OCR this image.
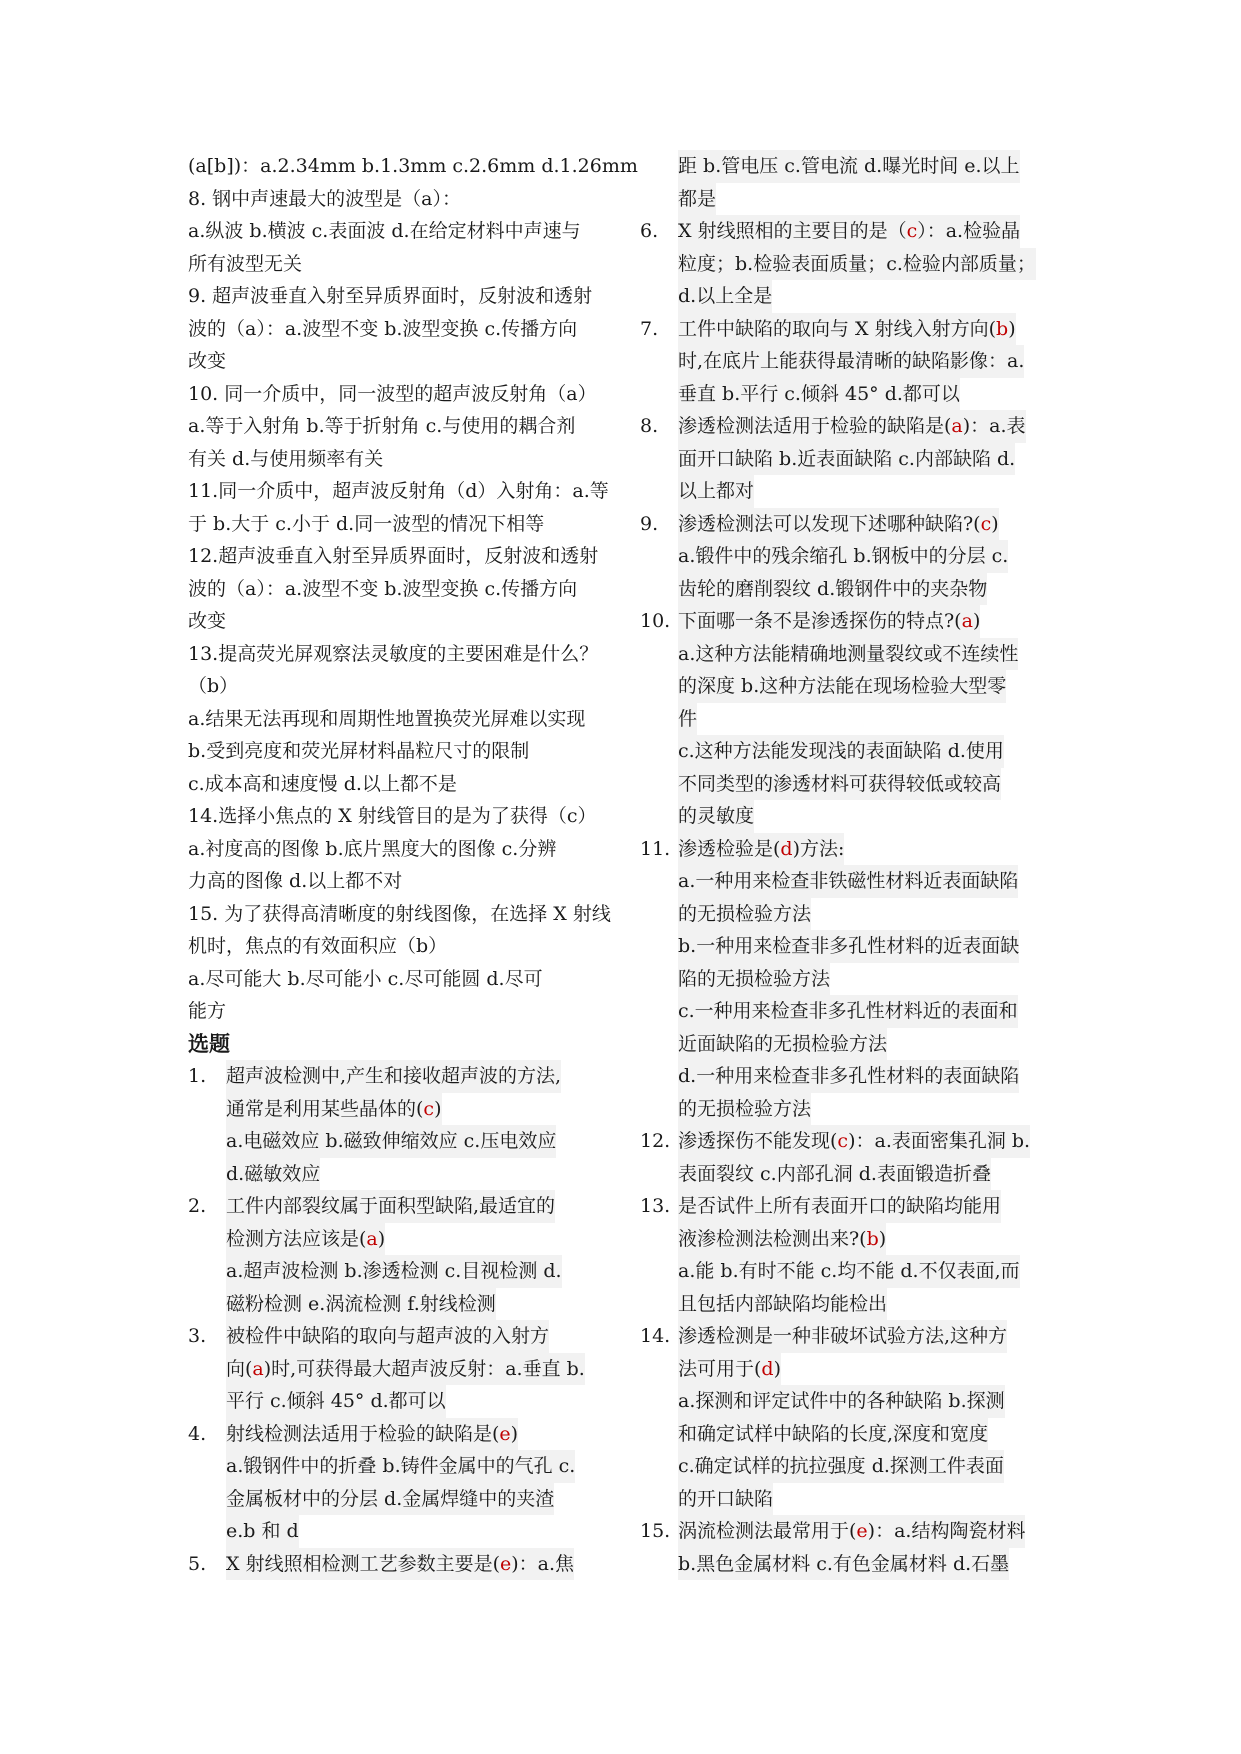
(a[b])：a.2.34mm b.1.3mm c.2.6mm d.1.26mm
8. 钢中声速最大的波型是（a）：
a.纵波 b.横波 c.表面波 d.在给定材料中声速与
所有波型无关
9. 超声波垂直入射至异质界面时，反射波和透射
波的（a）：a.波型不变 b.波型变换 c.传播方向
改变
10. 同一介质中，同一波型的超声波反射角（a）
a.等于入射角 b.等于折射角 c.与使用的耦合剂
有关 d.与使用频率有关
11.同一介质中，超声波反射角（d）入射角：a.等
于 b.大于 c.小于 d.同一波型的情况下相等
12.超声波垂直入射至异质界面时，反射波和透射
波的（a）：a.波型不变 b.波型变换 c.传播方向
改变
13.提高荧光屏观察法灵敏度的主要困难是什么？
（b）
a.结果无法再现和周期性地置换荧光屏难以实现
b.受到亮度和荧光屏材料晶粒尺寸的限制
c.成本高和速度慢 d.以上都不是
14.选择小焦点的 X 射线管目的是为了获得（c）
a.衬度高的图像 b.底片黑度大的图像 c.分辨
力高的图像 d.以上都不对
15. 为了获得高清晰度的射线图像，在选择 X 射线
机时，焦点的有效面积应（b）
a.尽可能大 b.尽可能小 c.尽可能圆 d.尽可
能方
选题
1.	超声波检测中,产生和接收超声波的方法,
通常是利用某些晶体的(c)
a.电磁效应 b.磁致伸缩效应 c.压电效应
d.磁敏效应
2.	工件内部裂纹属于面积型缺陷,最适宜的
检测方法应该是(a)
a.超声波检测 b.渗透检测 c.目视检测 d.
磁粉检测 e.涡流检测 f.射线检测
3.	被检件中缺陷的取向与超声波的入射方
向(a)时,可获得最大超声波反射：a.垂直 b.
平行 c.倾斜 45° d.都可以
4.	射线检测法适用于检验的缺陷是(e)
a.锻钢件中的折叠 b.铸件金属中的气孔 c.
金属板材中的分层 d.金属焊缝中的夹渣
e.b 和 d
5.	X 射线照相检测工艺参数主要是(e)：a.焦
距 b.管电压 c.管电流 d.曝光时间 e.以上
都是
6.	X 射线照相的主要目的是（c）：a.检验晶
粒度；b.检验表面质量；c.检验内部质量；
d.以上全是
7.	工件中缺陷的取向与 X 射线入射方向(b)
时,在底片上能获得最清晰的缺陷影像：a.
垂直 b.平行 c.倾斜 45° d.都可以
8.	渗透检测法适用于检验的缺陷是(a)：a.表
面开口缺陷 b.近表面缺陷 c.内部缺陷 d.
以上都对
9.	渗透检测法可以发现下述哪种缺陷?(c)
a.锻件中的残余缩孔 b.钢板中的分层 c.
齿轮的磨削裂纹 d.锻钢件中的夹杂物
10. 下面哪一条不是渗透探伤的特点?(a)
a.这种方法能精确地测量裂纹或不连续性
的深度 b.这种方法能在现场检验大型零
件
c.这种方法能发现浅的表面缺陷 d.使用
不同类型的渗透材料可获得较低或较高
的灵敏度
11. 渗透检验是(d)方法:
a.一种用来检查非铁磁性材料近表面缺陷
的无损检验方法
b.一种用来检查非多孔性材料的近表面缺
陷的无损检验方法
c.一种用来检查非多孔性材料近的表面和
近面缺陷的无损检验方法
d.一种用来检查非多孔性材料的表面缺陷
的无损检验方法
12. 渗透探伤不能发现(c)：a.表面密集孔洞 b.
表面裂纹 c.内部孔洞 d.表面锻造折叠
13. 是否试件上所有表面开口的缺陷均能用
液渗检测法检测出来?(b)
a.能 b.有时不能 c.均不能 d.不仅表面,而
且包括内部缺陷均能检出
14. 渗透检测是一种非破坏试验方法,这种方
法可用于(d)
a.探测和评定试件中的各种缺陷 b.探测
和确定试样中缺陷的长度,深度和宽度
c.确定试样的抗拉强度 d.探测工件表面
的开口缺陷
15. 涡流检测法最常用于(e)：a.结构陶瓷材料
b.黑色金属材料 c.有色金属材料 d.石墨
